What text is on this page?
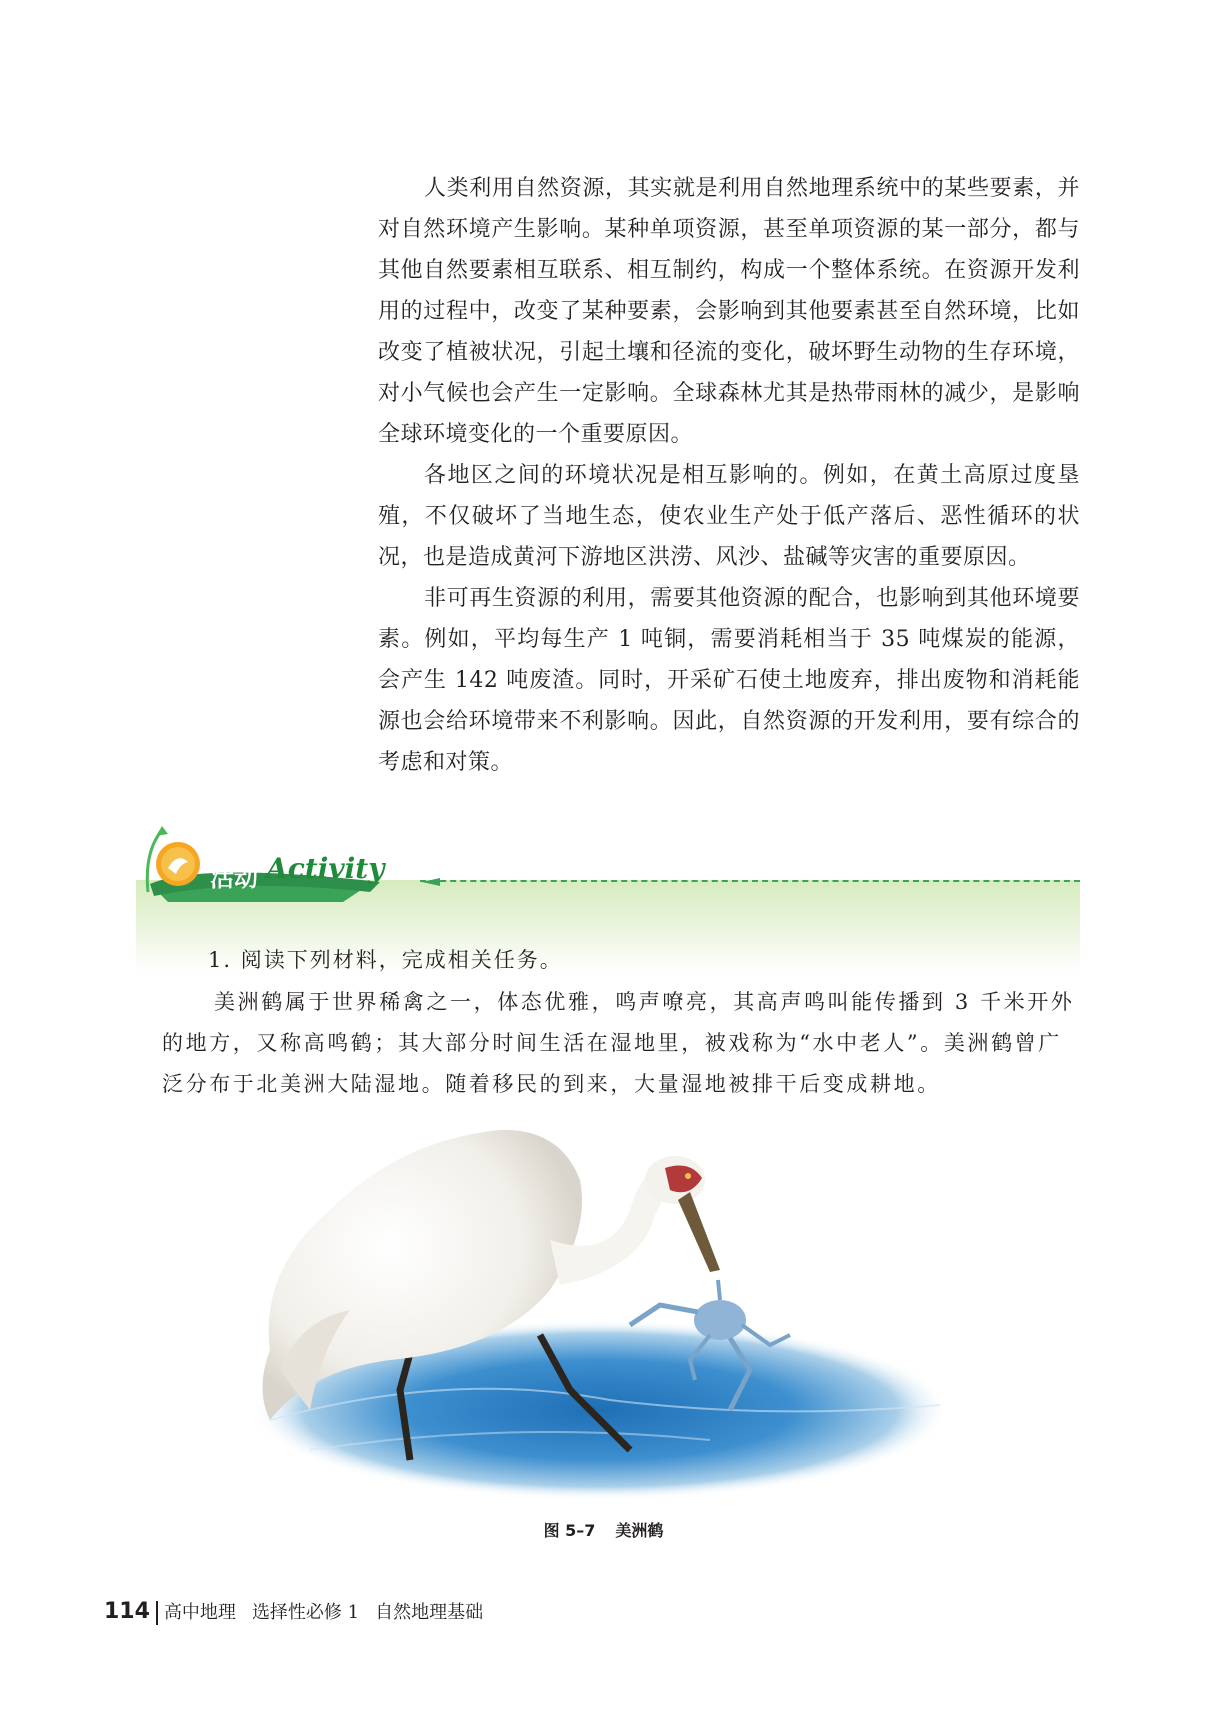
人类利用自然资源，其实就是利用自然地理系统中的某些要素，并对自然环境产生影响。某种单项资源，甚至单项资源的某一部分，都与其他自然要素相互联系、相互制约，构成一个整体系统。在资源开发利用的过程中，改变了某种要素，会影响到其他要素甚至自然环境，比如改变了植被状况，引起土壤和径流的变化，破坏野生动物的生存环境，对小气候也会产生一定影响。全球森林尤其是热带雨林的减少，是影响全球环境变化的一个重要原因。

各地区之间的环境状况是相互影响的。例如，在黄土高原过度垦殖，不仅破坏了当地生态，使农业生产处于低产落后、恶性循环的状况，也是造成黄河下游地区洪涝、风沙、盐碱等灾害的重要原因。

非可再生资源的利用，需要其他资源的配合，也影响到其他环境要素。例如，平均每生产 1 吨铜，需要消耗相当于 35 吨煤炭的能源，会产生 142 吨废渣。同时，开采矿石使土地废弃，排出废物和消耗能源也会给环境带来不利影响。因此，自然资源的开发利用，要有综合的考虑和对策。

活动 Activity
1. 阅读下列材料，完成相关任务。

美洲鹤属于世界稀禽之一，体态优雅，鸣声嘹亮，其高声鸣叫能传播到 3 千米开外的地方，又称高鸣鹤；其大部分时间生活在湿地里，被戏称为“水中老人”。美洲鹤曾广泛分布于北美洲大陆湿地。随着移民的到来，大量湿地被排干后变成耕地。

图 5–7 美洲鹤
114 高中地理 选择性必修 1 自然地理基础
